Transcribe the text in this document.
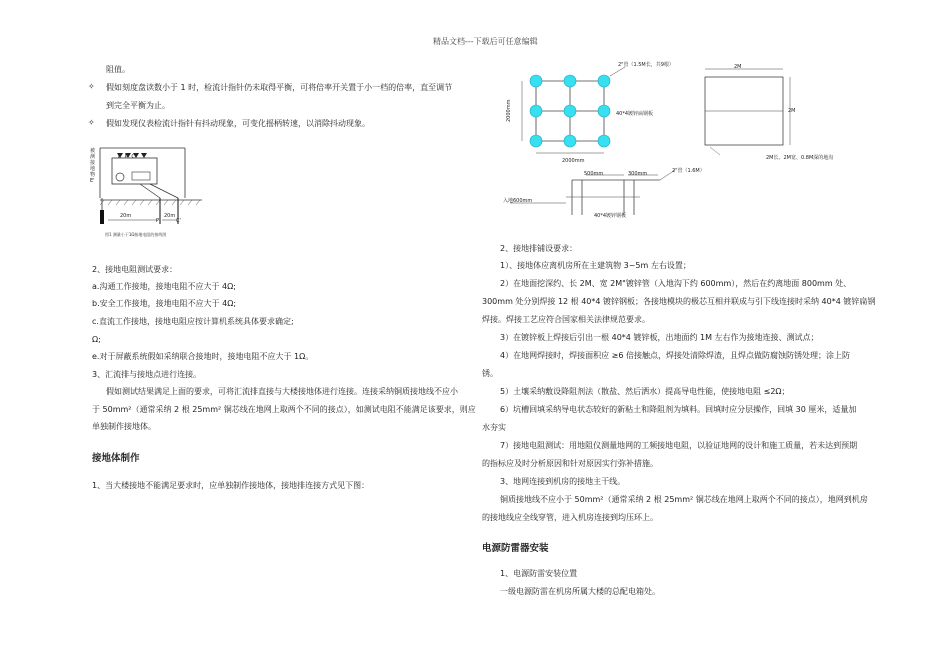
精品文档---下载后可任意编辑
阻值。
✧ 假如刻度盘读数小于 1 时，检流计指针仍未取得平衡，可将倍率开关置于小一档的倍率，直至调节
到完全平衡为止。
✧ 假如发现仪表检流计指针有抖动现象，可变化摇柄转速，以消除抖动现象。
被测接地物E'
E P C
20m	20m
P'	C'
图1 测量小于1Ω接地电阻的接线图
2、接地电阻测试要求：
a.沟通工作接地，接地电阻不应大于 4Ω;
b.安全工作接地，接地电阻不应大于 4Ω;
c.直流工作接地，接地电阻应按计算机系统具体要求确定;
Ω;
e.对于屏蔽系统假如采纳联合接地时，接地电阻不应大于 1Ω。
3、汇流排与接地点进行连接。
假如测试结果满足上面的要求，可将汇流排直接与大楼接地体进行连接。连接采纳铜质接地线不应小
于 50mm²（通常采纳 2 根 25mm² 铜芯线在地网上取两个不同的接点），如测试电阻不能满足该要求，则应
单独制作接地体。
接地体制作
1、当大楼接地不能满足要求时，应单独制作接地体，接地排连接方式见下图：
2"管（1.5M长，共9根）
40*4镀锌扁钢板
2000mm
2000mm
500mm	300mm	2"管（1.6M）
入地600mm
40*4镀锌钢板
2M
2M
2M长、2M宽、0.8M深的地沟
2、接地排铺设要求：
1）、接地体应离机房所在主建筑物 3~5m 左右设置；
2）在地面挖深约、长 2M、宽 2M"镀锌管（入地沟下约 600mm），然后在约离地面 800mm 处、
300mm 处分别焊接 12 根 40*4 镀锌钢板；各接地模块的极芯互相并联成与引下线连接时采纳 40*4 镀锌扁钢
焊接。焊接工艺应符合国家相关法律规范要求。
3）在镀锌板上焊接后引出一根 40*4 镀锌板，出地面约 1M 左右作为接地连接、测试点；
4）在地网焊接时，焊接面积应 ≥6 倍接触点，焊接处清除焊渣，且焊点做防腐蚀防锈处理；涂上防
锈。
5）土壤采纳敷设降阻剂法（散盐、然后洒水）提高导电性能，使接地电阻 ≤2Ω；
6）坑槽回填采纳导电状态较好的新粘土和降阻剂为填料。回填时应分层操作，回填 30 厘米，适量加
水夯实
7）接地电阻测试：用地阻仪测量地网的工频接地电阻，以验证地网的设计和施工质量，若未达到预期
的指标应及时分析原因和针对原因实行弥补措施。
3、地网连接到机房的接地主干线。
铜质接地线不应小于 50mm²（通常采纳 2 根 25mm² 铜芯线在地网上取两个不同的接点），地网到机房
的接地线应全线穿管，进入机房连接到均压环上。
电源防雷器安装
1、电源防雷安装位置
一级电源防雷在机房所属大楼的总配电箱处。
